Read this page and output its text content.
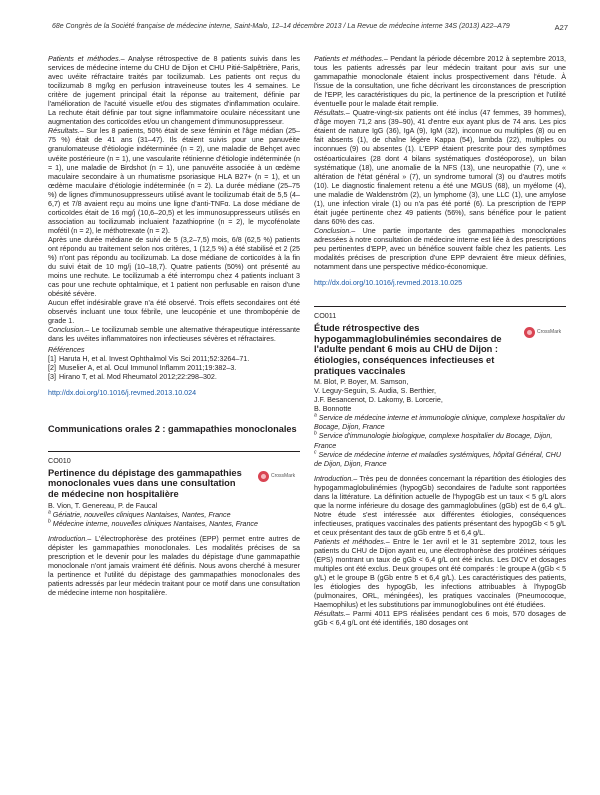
68e Congrès de la Société française de médecine interne, Saint-Malo, 12–14 décembre 2013 / La Revue de médecine interne 34S (2013) A22–A79	A27

Patients et méthodes.– Analyse rétrospective de 8 patients suivis dans les services de médecine interne du CHU de Dijon et CHU Pitié-Salpêtrière, Paris, avec uvéite réfractaire traités par tocilizumab. Les patients ont reçus du tocilizumab 8 mg/kg en perfusion intraveineuse toutes les 4 semaines. Le critère de jugement principal était la réponse au traitement, définie par l'amélioration de l'acuité visuelle et/ou des stigmates d'inflammation oculaire. La rechute était définie par tout signe inflammatoire oculaire nécessitant une augmentation des corticoïdes et/ou un changement d'immunosuppresseur.

Résultats.– Sur les 8 patients, 50% était de sexe féminin et l'âge médian (25–75 %) était de 41 ans (31–47). Ils étaient suivis pour une panuvéite granulomateuse d'étiologie indéterminée (n = 2), une maladie de Behçet avec uvéite postérieure (n = 1), une vascularite rétinienne d'étiologie indéterminée (n = 1), une maladie de Birdshot (n = 1), une panuvéite associée à un œdème maculaire secondaire à un rhumatisme psoriasique HLA B27+ (n = 1), et un œdème maculaire d'étiologie indéterminée (n = 2). La durée médiane (25–75 %) de lignes d'immunosuppresseurs utilisé avant le tocilizumab était de 5,5 (4–6,7) et 7/8 avaient reçu au moins une ligne d'anti-TNFα. La dose médiane de corticoïdes était de 16 mg/j (10,6–20,5) et les immunosuppresseurs utilisés en association au tocilizumab incluaient l'azathioprine (n = 2), le mycofénolate mofétil (n = 2), le méthotrexate (n = 2).

Après une durée médiane de suivi de 5 (3,2–7,5) mois, 6/8 (62,5 %) patients ont répondu au traitement selon nos critères, 1 (12,5 %) a été stabilisé et 2 (25 %) n'ont pas répondu au tocilizumab. La dose médiane de corticoïdes à la fin du suivi était de 10 mg/j (10–18,7). Quatre patients (50%) ont présenté au moins une rechute. Le tocilizumab a été interrompu chez 4 patients incluant 3 cas pour une rechute ophtalmique, et 1 patient non perfusable en raison d'une obésité sévère.

Aucun effet indésirable grave n'a été observé. Trois effets secondaires ont été observés incluant une toux fébrile, une leucopénie et une thrombopénie de grade 1.

Conclusion.– Le tocilizumab semble une alternative thérapeutique intéressante dans les uvéites inflammatoires non infectieuses sévères et réfractaires.

Références
[1] Haruta H, et al. Invest Ophthalmol Vis Sci 2011;52:3264–71.
[2] Muselier A, et al. Ocul Immunol Inflamm 2011;19:382–3.
[3] Hirano T, et al. Mod Rheumatol 2012;22:298–302.
http://dx.doi.org/10.1016/j.revmed.2013.10.024
Communications orales 2 : gammapathies monoclonales
CO010
Pertinence du dépistage des gammapathies monoclonales vues dans une consultation de médecine non hospitalière
CrossMark
B. Vion, T. Genereau, P. de Faucal
$^a$ Gériatrie, nouvelles cliniques Nantaises, Nantes, France
$^b$ Médecine interne, nouvelles cliniques Nantaises, Nantes, France

Introduction.– L'électrophorèse des protéines (EPP) permet entre autres de dépister les gammapathies monoclonales. Les modalités précises de sa prescription et le devenir pour les malades du dépistage d'une gammapathie monoclonale n'ont jamais vraiment été définis. Nous avons cherché à mesurer la pertinence et l'utilité du dépistage des gammapathies monoclonales des patients adressés par leur médecin traitant pour ce motif dans une consultation de médecine interne non hospitalière.

Patients et méthodes.– Pendant la période décembre 2012 à septembre 2013, tous les patients adressés par leur médecin traitant pour avis sur une gammapathie monoclonale étaient inclus prospectivement dans l'étude. À l'issue de la consultation, une fiche décrivant les circonstances de prescription de l'EPP, les caractéristiques du pic, la pertinence de la prescription et l'utilité éventuelle pour le malade était remplie.

Résultats.– Quatre-vingt-six patients ont été inclus (47 femmes, 39 hommes), d'âge moyen 71,2 ans (39–90), 41 d'entre eux ayant plus de 74 ans. Les pics étaient de nature IgG (36), IgA (9), IgM (32), inconnue ou multiples (8) ou en fait absents (1), de chaîne légère Kappa (54), lambda (22), multiples ou inconnues (9) ou absentes (1). L'EPP étaient prescrite pour des symptômes ostéoarticulaires (28 dont 4 bilans systématiques d'ostéoporose), un bilan systématique (18), une anomalie de la NFS (13), une neuropathie (7), une « altération de l'état général » (7), un syndrome tumoral (3) ou d'autres motifs (10). Le diagnostic finalement retenu a été une MGUS (68), un myélome (4), une maladie de Waldenström (2), un lymphome (3), une LLC (1), une amylose (1), une infection virale (1) ou n'a pas été porté (6). La prescription de l'EPP était jugée pertinente chez 49 patients (56%), sans bénéfice pour le patient dans 60% des cas.

Conclusion.– Une partie importante des gammapathies monoclonales adressées à notre consultation de médecine interne est liée à des prescriptions peu pertinentes d'EPP, avec un bénéfice souvent faible chez les patients. Les modalités précises de prescription d'une EPP devraient être mieux définies, notamment dans une perspective médico-économique.

http://dx.doi.org/10.1016/j.revmed.2013.10.025
CO011
Étude rétrospective des hypogammaglobulinémies secondaires de l'adulte pendant 6 mois au CHU de Dijon : étiologies, conséquences infectieuses et pratiques vaccinales
CrossMark
M. Blot, P. Boyer, M. Samson,
V. Leguy-Seguin, S. Audia, S. Berthier,
J.F. Besancenot, D. Lakomy, B. Lorcerie,
B. Bonnotte
$^a$ Service de médecine interne et immunologie clinique, complexe hospitalier du Bocage, Dijon, France
$^b$ Service d'immunologie biologique, complexe hospitalier du Bocage, Dijon, France
$^c$ Service de médecine interne et maladies systémiques, hôpital Général, CHU de Dijon, Dijon, France

Introduction.– Très peu de données concernant la répartition des étiologies des hypogammaglobulinémies (hypogGb) secondaires de l'adulte sont rapportées dans la littérature. La définition actuelle de l'hypogGb est un taux < 5 g/L alors que la norme inférieure du dosage des gammaglobulines (gGb) est de 6,4 g/L. Notre étude s'est intéressée aux différentes étiologies, conséquences infectieuses, pratiques vaccinales des patients présentant des hypogGb < 5 g/L et ceux présentant des taux de gGb entre 5 et 6,4 g/L.

Patients et méthodes.– Entre le 1er avril et le 31 septembre 2012, tous les patients du CHU de Dijon ayant eu, une électrophorèse des protéines sériques (EPS) montrant un taux de gGb < 6,4 g/L ont été inclus. Les DICV et dosages multiples ont été exclus. Deux groupes ont été comparés : le groupe A (gGb < 5 g/L) et le groupe B (gGb entre 5 et 6,4 g/L). Les caractéristiques des patients, les étiologies des hypogGb, les infections attribuables à l'hypogGb (pulmonaires, ORL, méningées), les pratiques vaccinales (Pneumocoque, Haemophilus) et les substitutions par immunoglobulines ont été étudiées.

Résultats.– Parmi 4011 EPS réalisées pendant ces 6 mois, 570 dosages de gGb < 6,4 g/L ont été identifiés, 180 dosages ont
